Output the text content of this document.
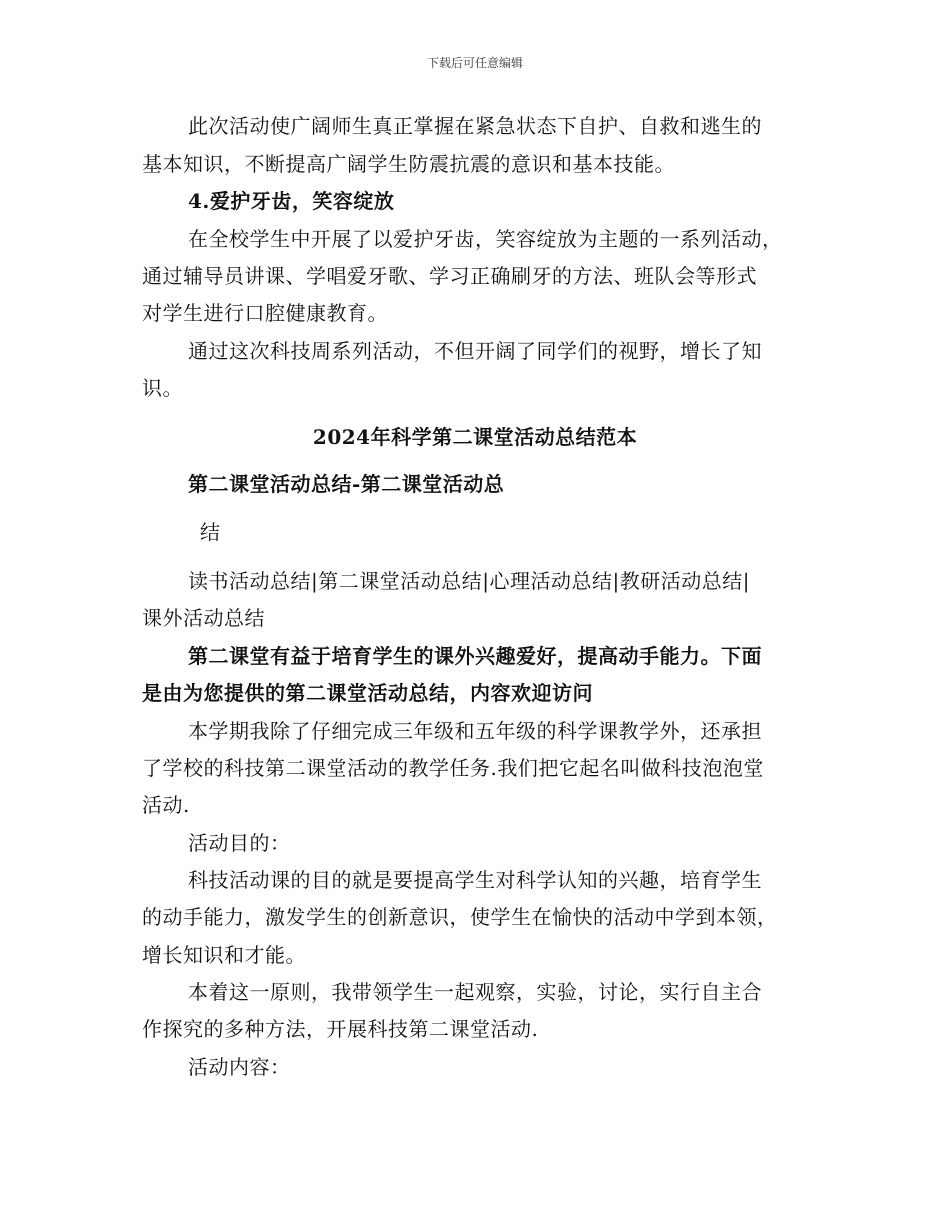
下载后可任意编辑
此次活动使广阔师生真正掌握在紧急状态下自护、自救和逃生的
基本知识，不断提高广阔学生防震抗震的意识和基本技能。
4.爱护牙齿，笑容绽放
在全校学生中开展了以爱护牙齿，笑容绽放为主题的一系列活动，
通过辅导员讲课、学唱爱牙歌、学习正确刷牙的方法、班队会等形式
对学生进行口腔健康教育。
通过这次科技周系列活动，不但开阔了同学们的视野，增长了知
识。
2024年科学第二课堂活动总结范本
第二课堂活动总结-第二课堂活动总
结
读书活动总结|第二课堂活动总结|心理活动总结|教研活动总结|
课外活动总结
第二课堂有益于培育学生的课外兴趣爱好，提高动手能力。下面
是由为您提供的第二课堂活动总结，内容欢迎访问
本学期我除了仔细完成三年级和五年级的科学课教学外，还承担
了学校的科技第二课堂活动的教学任务.我们把它起名叫做科技泡泡堂
活动.
活动目的：
科技活动课的目的就是要提高学生对科学认知的兴趣，培育学生
的动手能力，激发学生的创新意识，使学生在愉快的活动中学到本领，
增长知识和才能。
本着这一原则，我带领学生一起观察，实验，讨论，实行自主合
作探究的多种方法，开展科技第二课堂活动.
活动内容：
